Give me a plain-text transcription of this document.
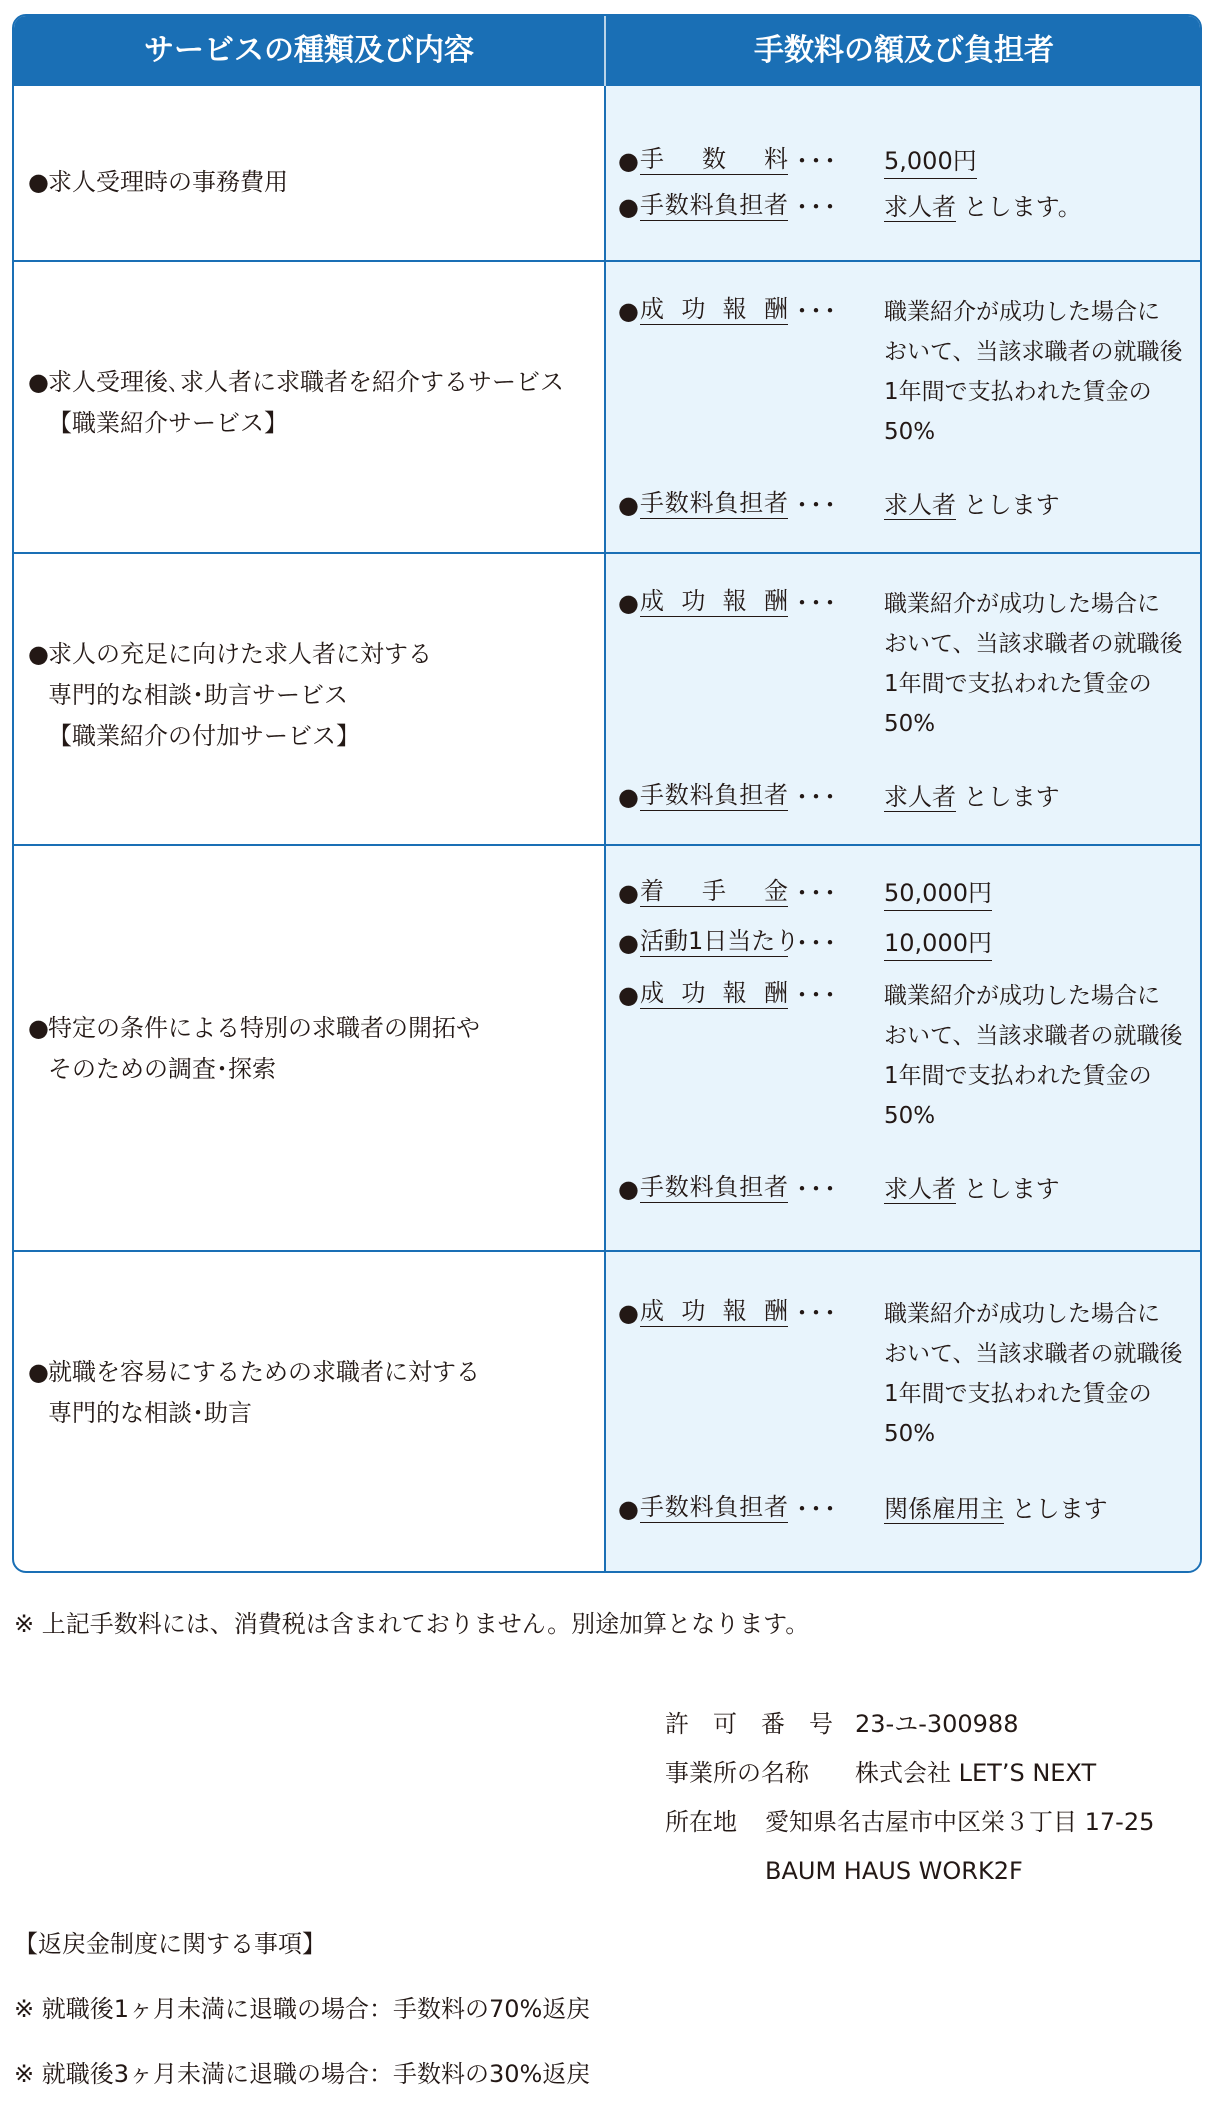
サービスの種類及び内容	手数料の額及び負担者
●求人受理時の事務費用
● 手　数　料 ･･･ 5,000円
● 手数料負担者 ･･･ 求人者 とします。
●求人受理後､求人者に求職者を紹介するサービス
【職業紹介サービス】
● 成 功 報 酬 ･･･ 職業紹介が成功した場合に
おいて、当該求職者の就職後
1年間で支払われた賃金の
50%
● 手数料負担者 ･･･ 求人者 とします
●求人の充足に向けた求人者に対する
専門的な相談･助言サービス
【職業紹介の付加サービス】
● 成 功 報 酬 ･･･ 職業紹介が成功した場合に
おいて、当該求職者の就職後
1年間で支払われた賃金の
50%
● 手数料負担者 ･･･ 求人者 とします
●特定の条件による特別の求職者の開拓や
そのための調査･探索
● 着　手　金 ･･･ 50,000円
● 活動1日当たり
･･･ 10,000円
● 成 功 報 酬 ･･･ 職業紹介が成功した場合に
おいて、当該求職者の就職後
1年間で支払われた賃金の
50%
● 手数料負担者 ･･･ 求人者 とします
●就職を容易にするための求職者に対する
専門的な相談･助言
● 成 功 報 酬 ･･･ 職業紹介が成功した場合に
おいて、当該求職者の就職後
1年間で支払われた賃金の
50%
● 手数料負担者 ･･･ 関係雇用主 とします
※ 上記手数料には、消費税は含まれておりません。別途加算となります。
許　可　番　号 23-ユ-300988
事業所の名称 株式会社 LET’S NEXT
所在地 愛知県名古屋市中区栄３丁目 17-25
BAUM HAUS WORK2F
【返戻金制度に関する事項】
※ 就職後1ヶ月未満に退職の場合：手数料の70%返戻
※ 就職後3ヶ月未満に退職の場合：手数料の30%返戻
